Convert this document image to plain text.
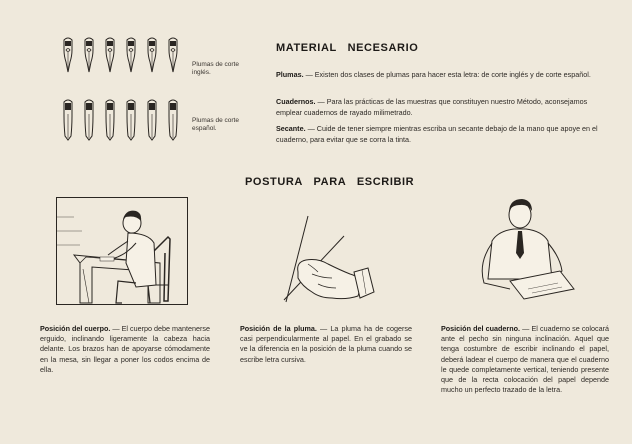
Plumas de corte inglés.
Plumas de corte español.
MATERIAL   NECESARIO
Plumas. — Existen dos clases de plumas para hacer esta letra: de corte inglés y de corte español.
Cuadernos. — Para las prácticas de las muestras que constituyen nuestro Método, aconsejamos emplear cuadernos de rayado milimetrado.
Secante. — Cuide de tener siempre mientras escriba un secante debajo de la mano que apoye en el cuaderno, para evitar que se corra la tinta.
POSTURA   PARA   ESCRIBIR
Posición del cuerpo. — El cuerpo debe mantenerse erguido, inclinando ligeramente la cabeza hacia delante. Los brazos han de apoyarse cómodamente en la mesa, sin llegar a poner los codos encima de ella.
Posición de la pluma. — La pluma ha de cogerse casi perpendicularmente al papel. En el grabado se ve la diferencia en la posición de la pluma cuando se escribe letra cursiva.
Posición del cuaderno. — El cuaderno se colocará ante el pecho sin ninguna inclinación. Aquel que tenga costumbre de escribir inclinando el papel, deberá ladear el cuerpo de manera que el cuaderno le quede completamente vertical, teniendo presente que de la recta colocación del papel depende mucho un perfecto trazado de la letra.
